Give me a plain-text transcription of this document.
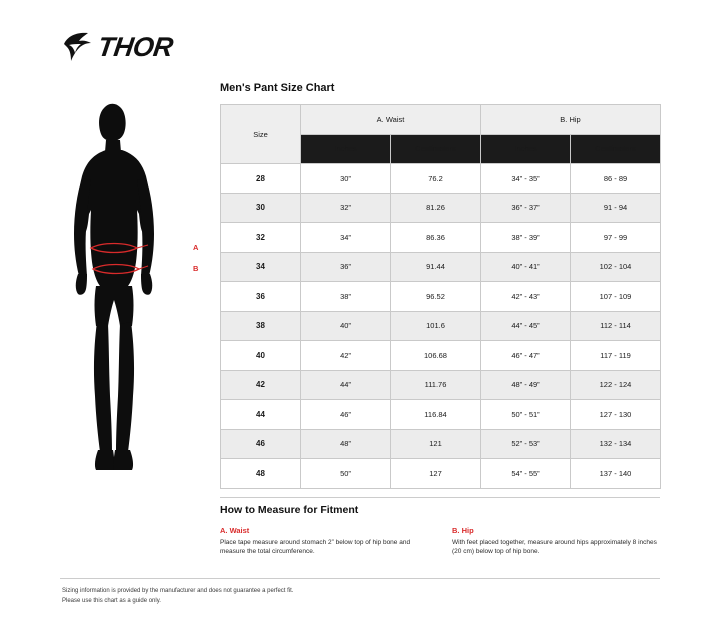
THOR
A
B
Men's Pant Size Chart
Size	A. Waist		B. Hip	
	Inches	Centimeters	Inches	Centimeters
28	30”	76.2	34” - 35”	86 - 89
30	32”	81.26	36” - 37”	91 - 94
32	34”	86.36	38” - 39”	97 - 99
34	36”	91.44	40” - 41”	102 - 104
36	38”	96.52	42” - 43”	107 - 109
38	40”	101.6	44” - 45”	112 - 114
40	42”	106.68	46” - 47”	117 - 119
42	44”	111.76	48” - 49”	122 - 124
44	46”	116.84	50” - 51”	127 - 130
46	48”	121	52” - 53”	132 - 134
48	50”	127	54” - 55”	137 - 140
How to Measure for Fitment
A. Waist
Place tape measure around stomach 2” below top of hip bone and measure the total circumference.
B. Hip
With feet placed together, measure around hips approximately 8 inches (20 cm) below top of hip bone.
Sizing information is provided by the manufacturer and does not guarantee a perfect fit.
Please use this chart as a guide only.
